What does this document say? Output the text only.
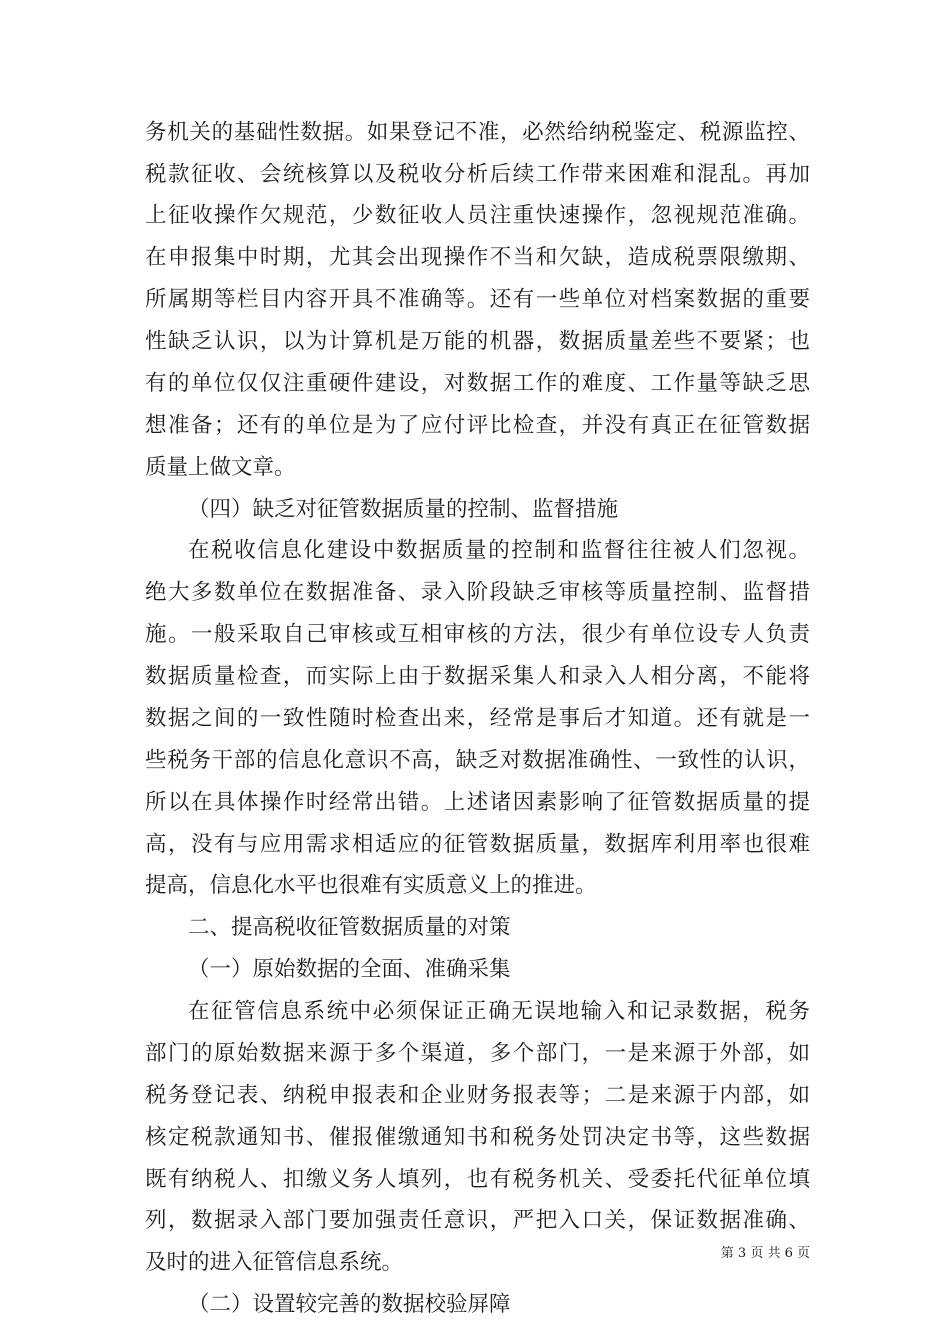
务机关的基础性数据。如果登记不准，必然给纳税鉴定、税源监控、
税款征收、会统核算以及税收分析后续工作带来困难和混乱。再加
上征收操作欠规范，少数征收人员注重快速操作，忽视规范准确。
在申报集中时期，尤其会出现操作不当和欠缺，造成税票限缴期、
所属期等栏目内容开具不准确等。还有一些单位对档案数据的重要
性缺乏认识，以为计算机是万能的机器，数据质量差些不要紧；也
有的单位仅仅注重硬件建设，对数据工作的难度、工作量等缺乏思
想准备；还有的单位是为了应付评比检查，并没有真正在征管数据
质量上做文章。
（四）缺乏对征管数据质量的控制、监督措施
在税收信息化建设中数据质量的控制和监督往往被人们忽视。
绝大多数单位在数据准备、录入阶段缺乏审核等质量控制、监督措
施。一般采取自己审核或互相审核的方法，很少有单位设专人负责
数据质量检查，而实际上由于数据采集人和录入人相分离，不能将
数据之间的一致性随时检查出来，经常是事后才知道。还有就是一
些税务干部的信息化意识不高，缺乏对数据准确性、一致性的认识，
所以在具体操作时经常出错。上述诸因素影响了征管数据质量的提
高，没有与应用需求相适应的征管数据质量，数据库利用率也很难
提高，信息化水平也很难有实质意义上的推进。
二、提高税收征管数据质量的对策
（一）原始数据的全面、准确采集
在征管信息系统中必须保证正确无误地输入和记录数据，税务
部门的原始数据来源于多个渠道，多个部门，一是来源于外部，如
税务登记表、纳税申报表和企业财务报表等；二是来源于内部，如
核定税款通知书、催报催缴通知书和税务处罚决定书等，这些数据
既有纳税人、扣缴义务人填列，也有税务机关、受委托代征单位填
列，数据录入部门要加强责任意识，严把入口关，保证数据准确、
及时的进入征管信息系统。
（二）设置较完善的数据校验屏障
第 3 页 共 6 页
